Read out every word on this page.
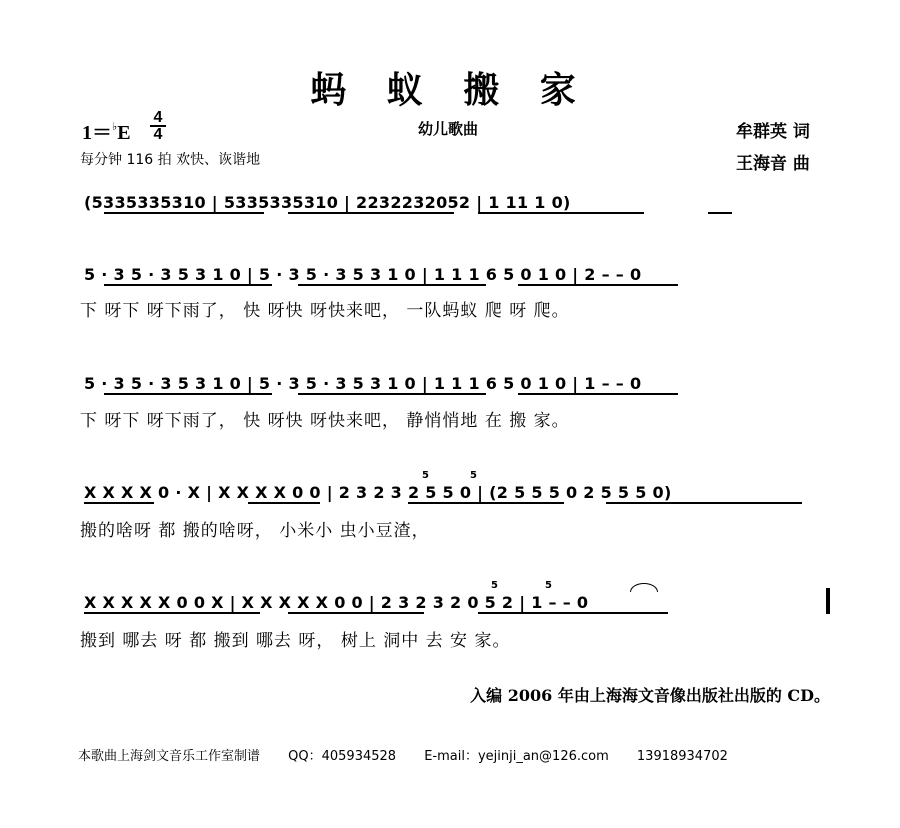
蚂 蚁 搬 家
$1=^♭E \frac{4}{4}$	幼儿歌曲	牟群英 词
王海音 曲
每分钟 116 拍 欢快、诙谐地
(5335335310 | 5335335310 | 2232232052 | 1 11 1 0)
5 · 3 5 · 3 5 3 1 0 | 5 · 3 5 · 3 5 3 1 0 | 1 1 1 6 5 0 1 0 | 2 – – 0
下 呀下 呀下雨了， 快 呀快 呀快来吧， 一队蚂蚁 爬 呀 爬。
5 · 3 5 · 3 5 3 1 0 | 5 · 3 5 · 3 5 3 1 0 | 1 1 1 6 5 0 1 0 | 1 – – 0
下 呀下 呀下雨了， 快 呀快 呀快来吧， 静悄悄地 在 搬 家。
X X X X 0 · X | X X X X 0 0 | 2 3 2 3 2 5 5 0 | (2 5 5 5 0 2 5 5 5 0)
5	5
搬的啥呀 都 搬的啥呀， 小米小 虫小豆渣，
X X X X X 0 0 X | X X X X X 0 0 | 2 3 2 3 2 0 5 2 | 1 – – 0
5	5
搬到 哪去 呀 都 搬到 哪去 呀， 树上 洞中 去 安 家。
入编 2006 年由上海海文音像出版社出版的 CD。
本歌曲上海剑文音乐工作室制谱 QQ：405934528 E-mail：yejinji_an@126.com 13918934702
